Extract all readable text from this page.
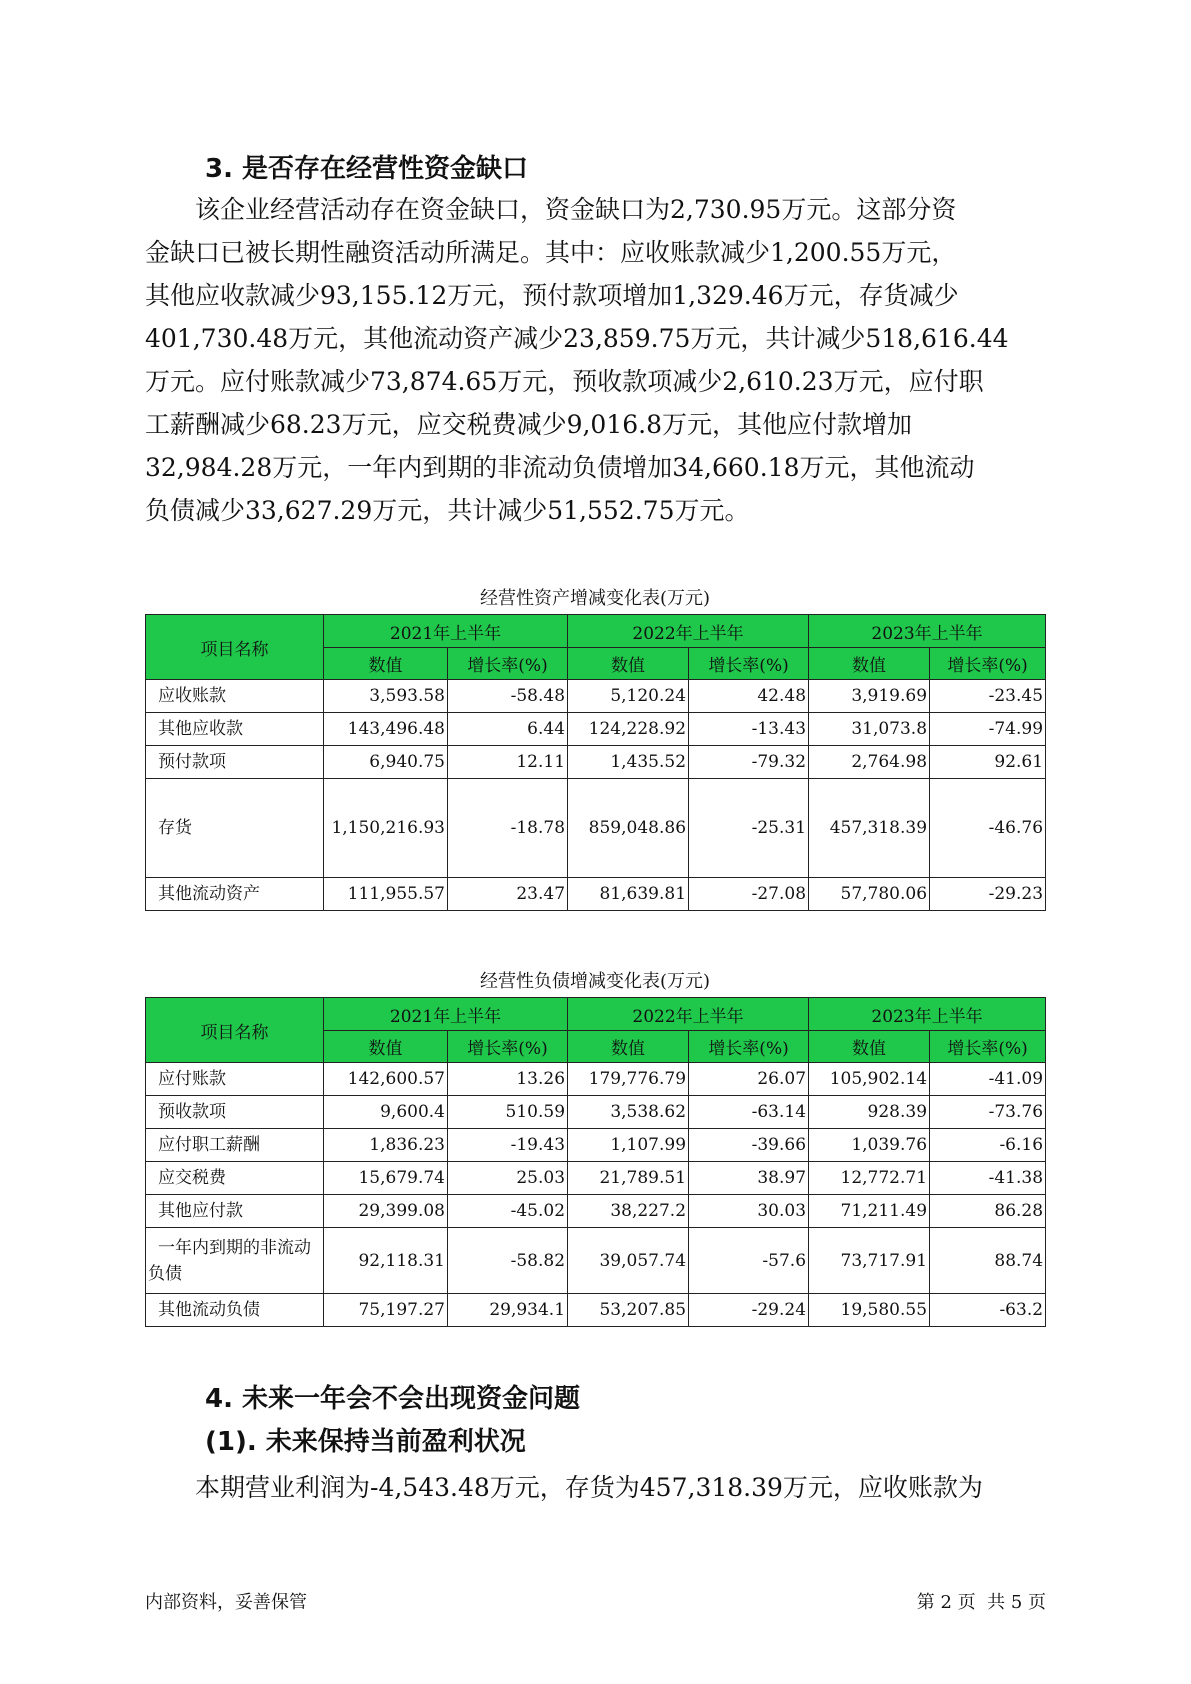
3. 是否存在经营性资金缺口

该企业经营活动存在资金缺口，资金缺口为2,730.95万元。这部分资
金缺口已被长期性融资活动所满足。其中：应收账款减少1,200.55万元，
其他应收款减少93,155.12万元，预付款项增加1,329.46万元，存货减少
401,730.48万元，其他流动资产减少23,859.75万元，共计减少518,616.44
万元。应付账款减少73,874.65万元，预收款项减少2,610.23万元，应付职
工薪酬减少68.23万元，应交税费减少9,016.8万元，其他应付款增加
32,984.28万元，一年内到期的非流动负债增加34,660.18万元，其他流动
负债减少33,627.29万元，共计减少51,552.75万元。

经营性资产增减变化表(万元)
项目名称	2021年上半年		2022年上半年		2023年上半年	
	数值	增长率(%)	数值	增长率(%)	数值	增长率(%)
应收账款	3,593.58	-58.48	5,120.24	42.48	3,919.69	-23.45
其他应收款	143,496.48	6.44	124,228.92	-13.43	31,073.8	-74.99
预付款项	6,940.75	12.11	1,435.52	-79.32	2,764.98	92.61
存货	1,150,216.93	-18.78	859,048.86	-25.31	457,318.39	-46.76
其他流动资产	111,955.57	23.47	81,639.81	-27.08	57,780.06	-29.23
经营性负债增减变化表(万元)
项目名称	2021年上半年		2022年上半年		2023年上半年	
	数值	增长率(%)	数值	增长率(%)	数值	增长率(%)
应付账款	142,600.57	13.26	179,776.79	26.07	105,902.14	-41.09
预收款项	9,600.4	510.59	3,538.62	-63.14	928.39	-73.76
应付职工薪酬	1,836.23	-19.43	1,107.99	-39.66	1,039.76	-6.16
应交税费	15,679.74	25.03	21,789.51	38.97	12,772.71	-41.38
其他应付款	29,399.08	-45.02	38,227.2	30.03	71,211.49	86.28
一年内到期的非流动负债	92,118.31	-58.82	39,057.74	-57.6	73,717.91	88.74
其他流动负债	75,197.27	29,934.1	53,207.85	-29.24	19,580.55	-63.2
4. 未来一年会不会出现资金问题
(1). 未来保持当前盈利状况

本期营业利润为-4,543.48万元，存货为457,318.39万元，应收账款为

内部资料，妥善保管	第 2 页  共 5 页
